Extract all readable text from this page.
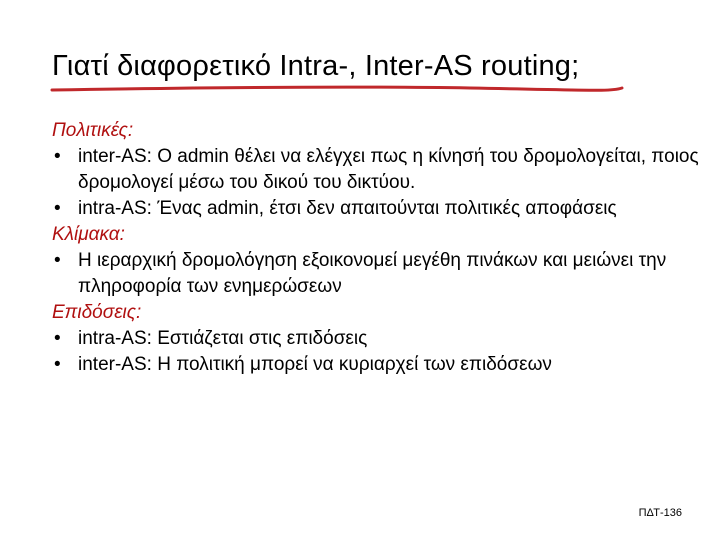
Γιατί διαφορετικό Intra-, Inter-AS routing;
Πολιτικές:
• inter-AS: O admin θέλει να ελέγχει πως η κίνησή του δρομολογείται, ποιος δρομολογεί μέσω του δικού του δικτύου.
• intra-AS: Ένας admin, έτσι δεν απαιτούνται πολιτικές αποφάσεις
Κλίμακα:
• Η ιεραρχική δρομολόγηση εξοικονομεί μεγέθη πινάκων και μειώνει την πληροφορία των ενημερώσεων
Επιδόσεις:
• intra-AS: Εστιάζεται στις επιδόσεις
• inter-AS: Η πολιτική μπορεί να κυριαρχεί των επιδόσεων
ΠΔΤ-136
